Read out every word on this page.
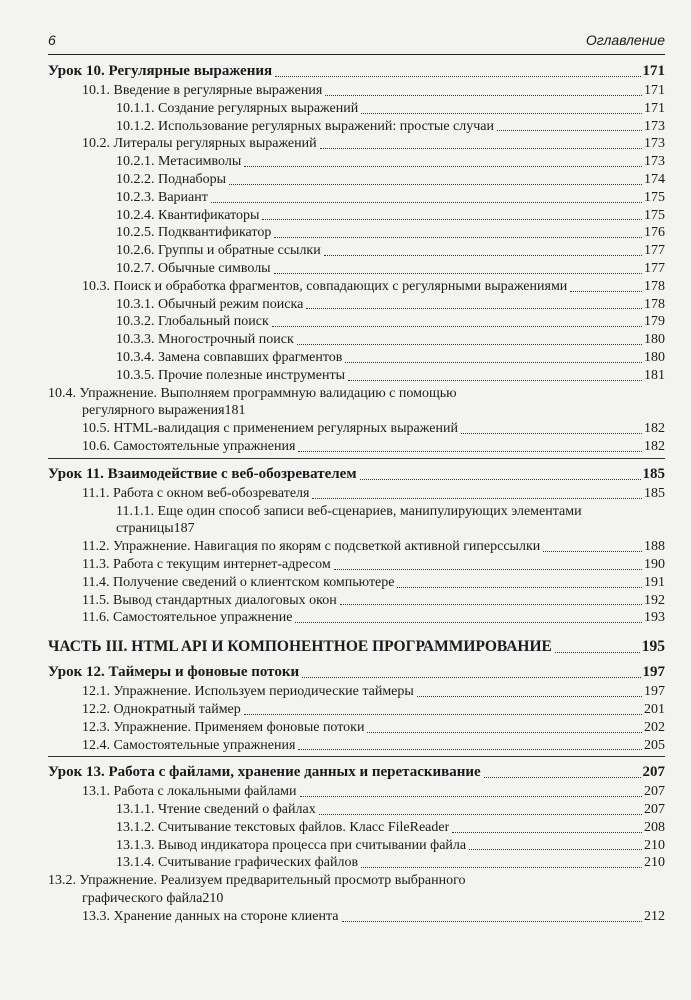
6	Оглавление
Урок 10. Регулярные выражения	171
10.1. Введение в регулярные выражения	171
10.1.1. Создание регулярных выражений	171
10.1.2. Использование регулярных выражений: простые случаи	173
10.2. Литералы регулярных выражений	173
10.2.1. Метасимволы	173
10.2.2. Поднаборы	174
10.2.3. Вариант	175
10.2.4. Квантификаторы	175
10.2.5. Подквантификатор	176
10.2.6. Группы и обратные ссылки	177
10.2.7. Обычные символы	177
10.3. Поиск и обработка фрагментов, совпадающих с регулярными выражениями	178
10.3.1. Обычный режим поиска	178
10.3.2. Глобальный поиск	179
10.3.3. Многострочный поиск	180
10.3.4. Замена совпавших фрагментов	180
10.3.5. Прочие полезные инструменты	181
10.4. Упражнение. Выполняем программную валидацию с помощью
регулярного выражения 181
10.5. HTML-валидация с применением регулярных выражений	182
10.6. Самостоятельные упражнения	182
Урок 11. Взаимодействие с веб-обозревателем	185
11.1. Работа с окном веб-обозревателя	185
11.1.1. Еще один способ записи веб-сценариев, манипулирующих элементами
страницы 187
11.2. Упражнение. Навигация по якорям с подсветкой активной гиперссылки	188
11.3. Работа с текущим интернет-адресом	190
11.4. Получение сведений о клиентском компьютере	191
11.5. Вывод стандартных диалоговых окон	192
11.6. Самостоятельное упражнение	193
ЧАСТЬ III. HTML API И КОМПОНЕНТНОЕ ПРОГРАММИРОВАНИЕ	195
Урок 12. Таймеры и фоновые потоки	197
12.1. Упражнение. Используем периодические таймеры	197
12.2. Однократный таймер	201
12.3. Упражнение. Применяем фоновые потоки	202
12.4. Самостоятельные упражнения	205
Урок 13. Работа с файлами, хранение данных и перетаскивание	207
13.1. Работа с локальными файлами	207
13.1.1. Чтение сведений о файлах	207
13.1.2. Считывание текстовых файлов. Класс FileReader	208
13.1.3. Вывод индикатора процесса при считывании файла	210
13.1.4. Считывание графических файлов	210
13.2. Упражнение. Реализуем предварительный просмотр выбранного
графического файла 210
13.3. Хранение данных на стороне клиента	212
